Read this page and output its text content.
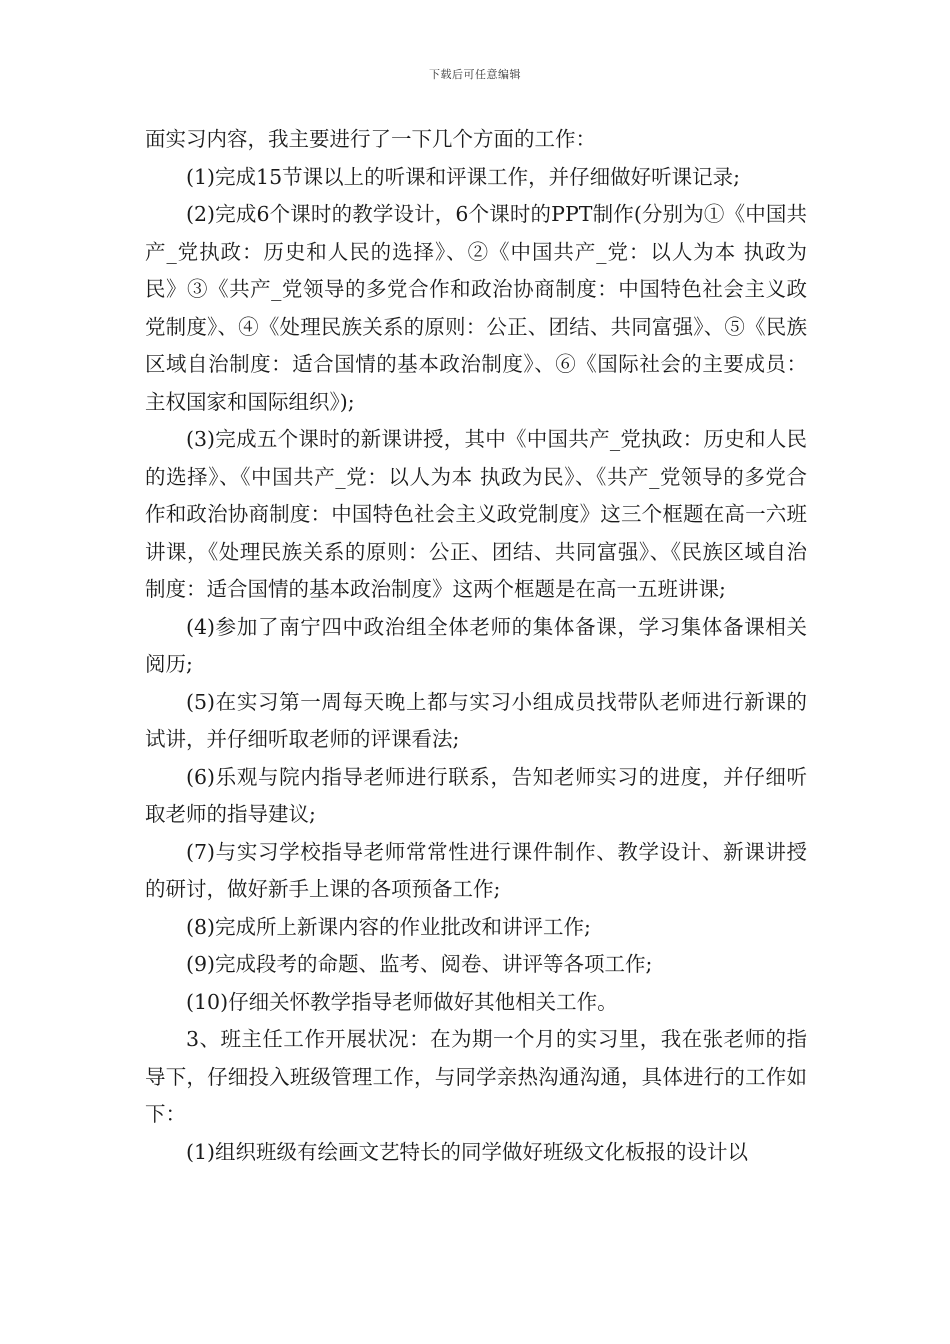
下载后可任意编辑

面实习内容，我主要进行了一下几个方面的工作：

(1)完成15节课以上的听课和评课工作，并仔细做好听课记录;

(2)完成6个课时的教学设计，6个课时的PPT制作(分别为①《中国共产_党执政：历史和人民的选择》、②《中国共产_党：以人为本 执政为民》③《共产_党领导的多党合作和政治协商制度：中国特色社会主义政党制度》、④《处理民族关系的原则：公正、团结、共同富强》、⑤《民族区域自治制度：适合国情的基本政治制度》、⑥《国际社会的主要成员：主权国家和国际组织》);

(3)完成五个课时的新课讲授，其中《中国共产_党执政：历史和人民的选择》、《中国共产_党：以人为本 执政为民》、《共产_党领导的多党合作和政治协商制度：中国特色社会主义政党制度》这三个框题在高一六班讲课，《处理民族关系的原则：公正、团结、共同富强》、《民族区域自治制度：适合国情的基本政治制度》这两个框题是在高一五班讲课;

(4)参加了南宁四中政治组全体老师的集体备课，学习集体备课相关阅历;

(5)在实习第一周每天晚上都与实习小组成员找带队老师进行新课的试讲，并仔细听取老师的评课看法;

(6)乐观与院内指导老师进行联系，告知老师实习的进度，并仔细听取老师的指导建议;

(7)与实习学校指导老师常常性进行课件制作、教学设计、新课讲授的研讨，做好新手上课的各项预备工作;

(8)完成所上新课内容的作业批改和讲评工作;

(9)完成段考的命题、监考、阅卷、讲评等各项工作;

(10)仔细关怀教学指导老师做好其他相关工作。

3、班主任工作开展状况：在为期一个月的实习里，我在张老师的指导下，仔细投入班级管理工作，与同学亲热沟通沟通，具体进行的工作如下：

(1)组织班级有绘画文艺特长的同学做好班级文化板报的设计以
